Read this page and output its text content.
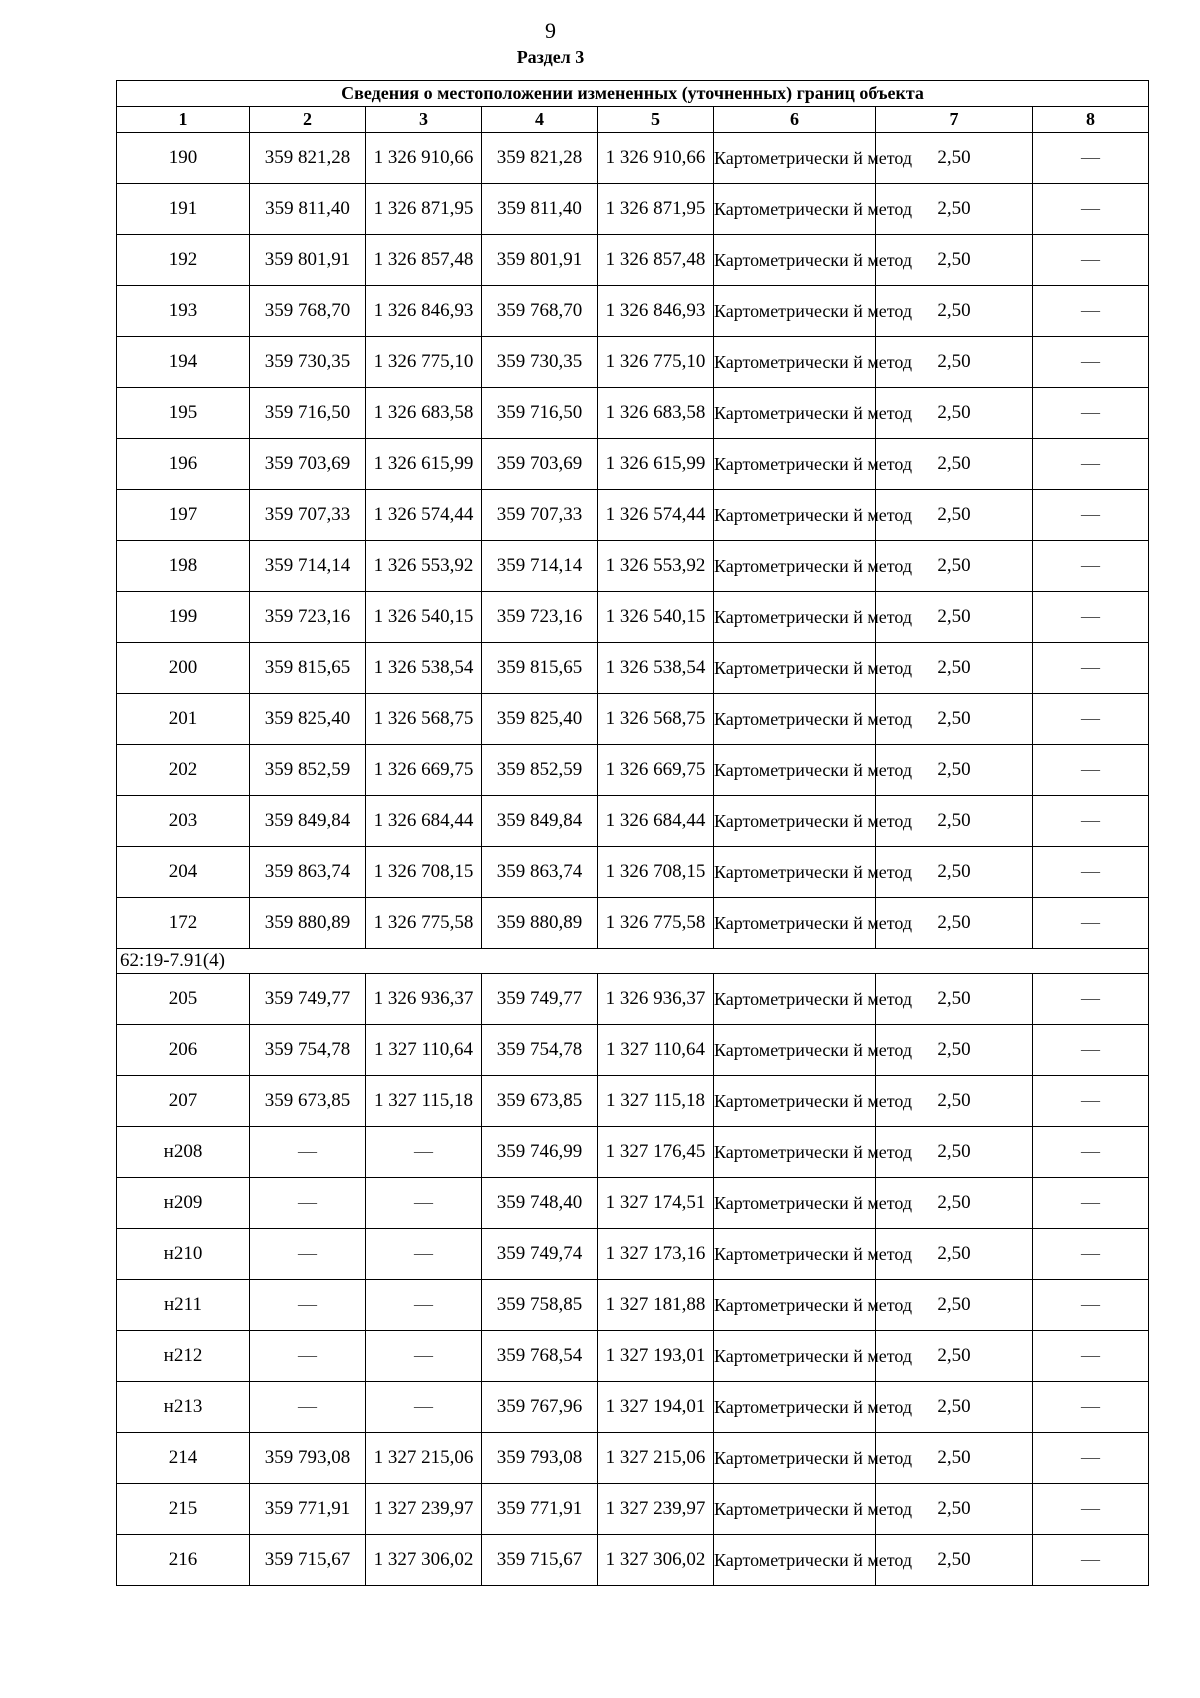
9
Раздел 3
Сведения о местоположении измененных (уточненных) границ объекта							
1	2	3	4	5	6	7	8
190	359 821,28	1 326 910,66	359 821,28	1 326 910,66	Картометрически й метод	2,50	—
191	359 811,40	1 326 871,95	359 811,40	1 326 871,95	Картометрически й метод	2,50	—
192	359 801,91	1 326 857,48	359 801,91	1 326 857,48	Картометрически й метод	2,50	—
193	359 768,70	1 326 846,93	359 768,70	1 326 846,93	Картометрически й метод	2,50	—
194	359 730,35	1 326 775,10	359 730,35	1 326 775,10	Картометрически й метод	2,50	—
195	359 716,50	1 326 683,58	359 716,50	1 326 683,58	Картометрически й метод	2,50	—
196	359 703,69	1 326 615,99	359 703,69	1 326 615,99	Картометрически й метод	2,50	—
197	359 707,33	1 326 574,44	359 707,33	1 326 574,44	Картометрически й метод	2,50	—
198	359 714,14	1 326 553,92	359 714,14	1 326 553,92	Картометрически й метод	2,50	—
199	359 723,16	1 326 540,15	359 723,16	1 326 540,15	Картометрически й метод	2,50	—
200	359 815,65	1 326 538,54	359 815,65	1 326 538,54	Картометрически й метод	2,50	—
201	359 825,40	1 326 568,75	359 825,40	1 326 568,75	Картометрически й метод	2,50	—
202	359 852,59	1 326 669,75	359 852,59	1 326 669,75	Картометрически й метод	2,50	—
203	359 849,84	1 326 684,44	359 849,84	1 326 684,44	Картометрически й метод	2,50	—
204	359 863,74	1 326 708,15	359 863,74	1 326 708,15	Картометрически й метод	2,50	—
172	359 880,89	1 326 775,58	359 880,89	1 326 775,58	Картометрически й метод	2,50	—
62:19-7.91(4)							
205	359 749,77	1 326 936,37	359 749,77	1 326 936,37	Картометрически й метод	2,50	—
206	359 754,78	1 327 110,64	359 754,78	1 327 110,64	Картометрически й метод	2,50	—
207	359 673,85	1 327 115,18	359 673,85	1 327 115,18	Картометрически й метод	2,50	—
н208	—	—	359 746,99	1 327 176,45	Картометрически й метод	2,50	—
н209	—	—	359 748,40	1 327 174,51	Картометрически й метод	2,50	—
н210	—	—	359 749,74	1 327 173,16	Картометрически й метод	2,50	—
н211	—	—	359 758,85	1 327 181,88	Картометрически й метод	2,50	—
н212	—	—	359 768,54	1 327 193,01	Картометрически й метод	2,50	—
н213	—	—	359 767,96	1 327 194,01	Картометрически й метод	2,50	—
214	359 793,08	1 327 215,06	359 793,08	1 327 215,06	Картометрически й метод	2,50	—
215	359 771,91	1 327 239,97	359 771,91	1 327 239,97	Картометрически й метод	2,50	—
216	359 715,67	1 327 306,02	359 715,67	1 327 306,02	Картометрически й метод	2,50	—
